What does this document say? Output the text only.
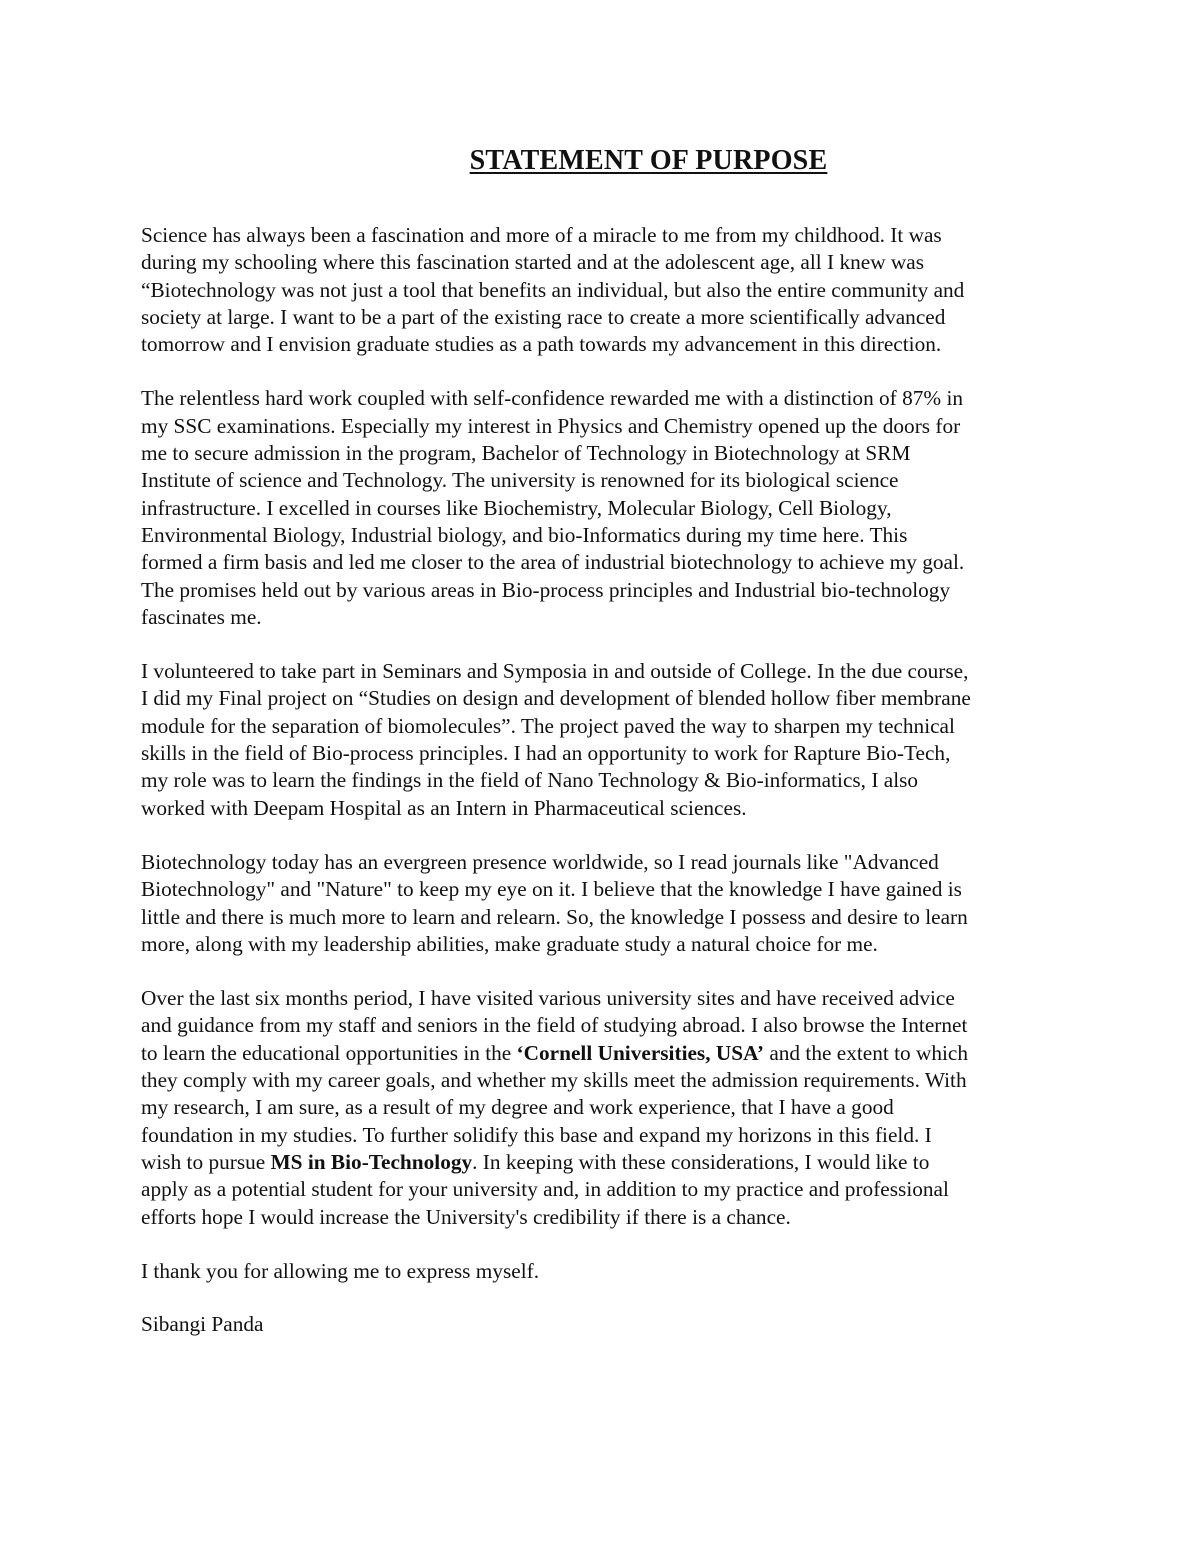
STATEMENT OF PURPOSE

Science has always been a fascination and more of a miracle to me from my childhood. It was
during my schooling where this fascination started and at the adolescent age, all I knew was
“Biotechnology was not just a tool that benefits an individual, but also the entire community and
society at large. I want to be a part of the existing race to create a more scientifically advanced
tomorrow and I envision graduate studies as a path towards my advancement in this direction.

The relentless hard work coupled with self-confidence rewarded me with a distinction of 87% in
my SSC examinations. Especially my interest in Physics and Chemistry opened up the doors for
me to secure admission in the program, Bachelor of Technology in Biotechnology at SRM
Institute of science and Technology. The university is renowned for its biological science
infrastructure. I excelled in courses like Biochemistry, Molecular Biology, Cell Biology,
Environmental Biology, Industrial biology, and bio-Informatics during my time here. This
formed a firm basis and led me closer to the area of industrial biotechnology to achieve my goal.
The promises held out by various areas in Bio-process principles and Industrial bio-technology
fascinates me.

I volunteered to take part in Seminars and Symposia in and outside of College. In the due course,
I did my Final project on “Studies on design and development of blended hollow fiber membrane
module for the separation of biomolecules”. The project paved the way to sharpen my technical
skills in the field of Bio-process principles. I had an opportunity to work for Rapture Bio-Tech,
my role was to learn the findings in the field of Nano Technology & Bio-informatics, I also
worked with Deepam Hospital as an Intern in Pharmaceutical sciences.

Biotechnology today has an evergreen presence worldwide, so I read journals like "Advanced
Biotechnology" and "Nature" to keep my eye on it. I believe that the knowledge I have gained is
little and there is much more to learn and relearn. So, the knowledge I possess and desire to learn
more, along with my leadership abilities, make graduate study a natural choice for me.

Over the last six months period, I have visited various university sites and have received advice
and guidance from my staff and seniors in the field of studying abroad. I also browse the Internet
to learn the educational opportunities in the ‘Cornell Universities, USA’ and the extent to which
they comply with my career goals, and whether my skills meet the admission requirements. With
my research, I am sure, as a result of my degree and work experience, that I have a good
foundation in my studies. To further solidify this base and expand my horizons in this field. I
wish to pursue MS in Bio-Technology. In keeping with these considerations, I would like to
apply as a potential student for your university and, in addition to my practice and professional
efforts hope I would increase the University's credibility if there is a chance.

I thank you for allowing me to express myself.

Sibangi Panda
